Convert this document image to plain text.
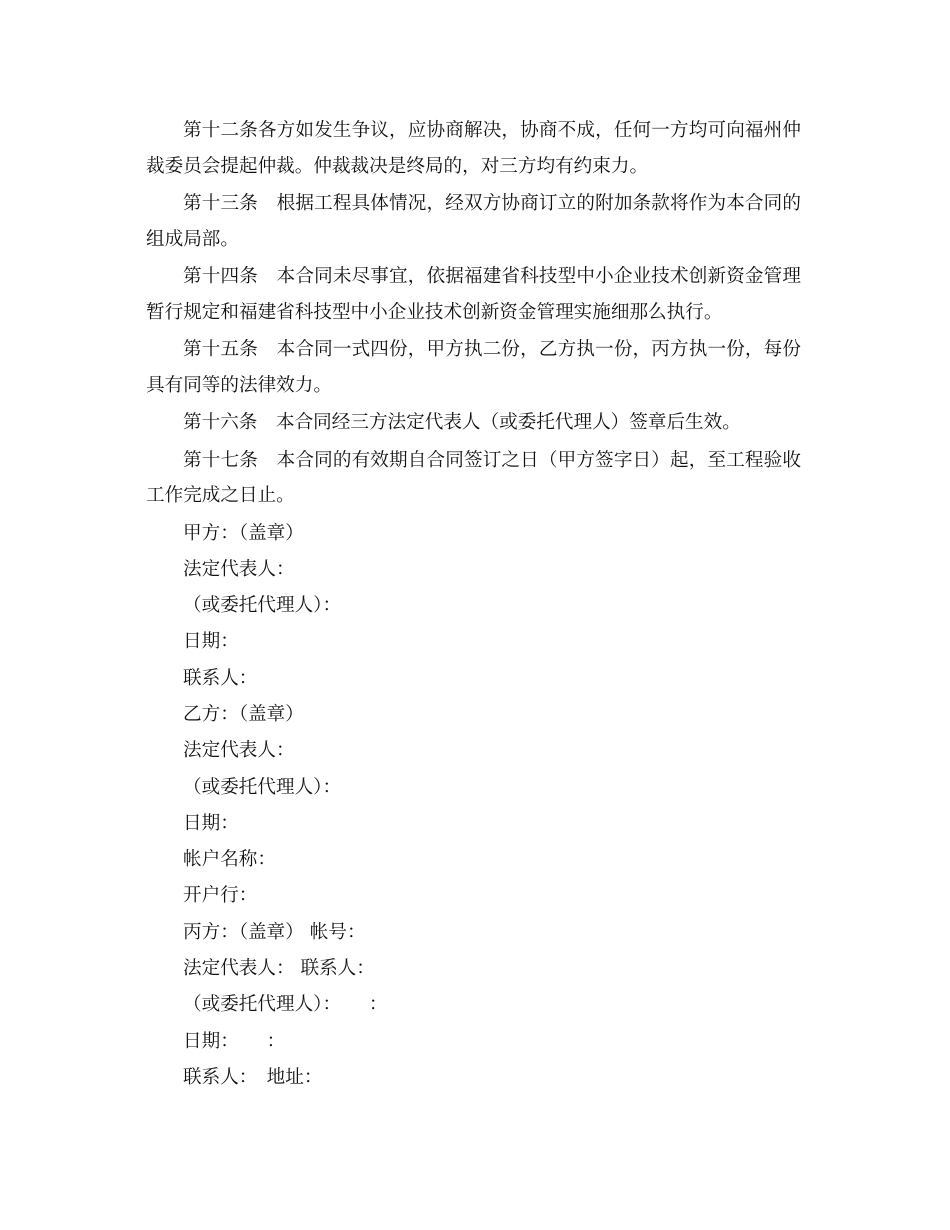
第十二条各方如发生争议，应协商解决，协商不成，任何一方均可向福州仲裁委员会提起仲裁。仲裁裁决是终局的，对三方均有约束力。

第十三条　根据工程具体情况，经双方协商订立的附加条款将作为本合同的组成局部。

第十四条　本合同未尽事宜，依据福建省科技型中小企业技术创新资金管理暂行规定和福建省科技型中小企业技术创新资金管理实施细那么执行。

第十五条　本合同一式四份，甲方执二份，乙方执一份，丙方执一份，每份具有同等的法律效力。

第十六条　本合同经三方法定代表人（或委托代理人）签章后生效。

第十七条　本合同的有效期自合同签订之日（甲方签字日）起，至工程验收工作完成之日止。

甲方：（盖章）

法定代表人：

（或委托代理人）：

日期：

联系人：

乙方：（盖章）

法定代表人：

（或委托代理人）：

日期：

帐户名称：

开户行：

丙方：（盖章） 帐号：

法定代表人： 联系人：

（或委托代理人）：　　：

日期：　　：

联系人：　地址：
